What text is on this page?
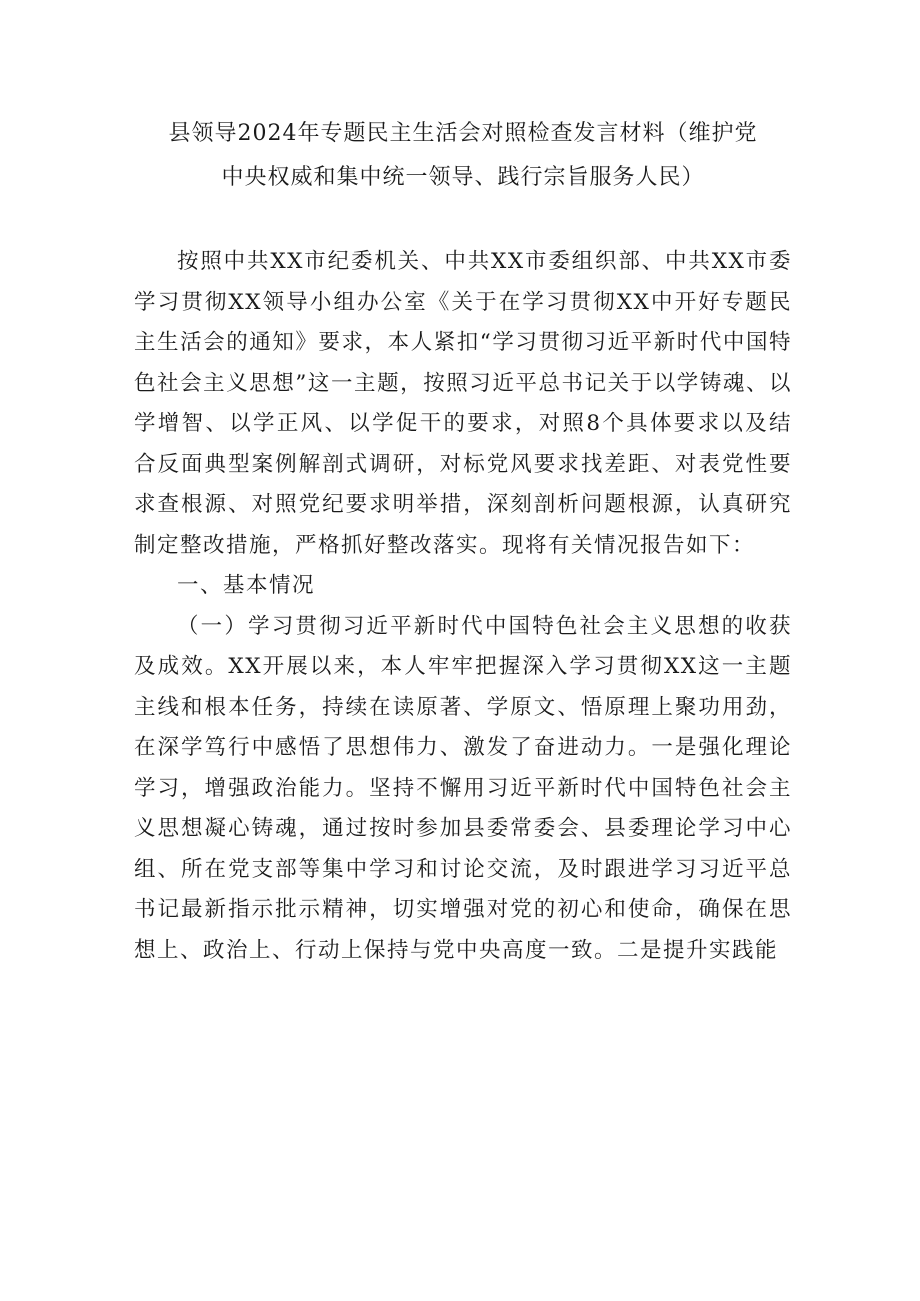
县领导2024年专题民主生活会对照检查发言材料（维护党
中央权威和集中统一领导、践行宗旨服务人民）

按照中共XX市纪委机关、中共XX市委组织部、中共XX市委学习贯彻XX领导小组办公室《关于在学习贯彻XX中开好专题民主生活会的通知》要求，本人紧扣“学习贯彻习近平新时代中国特色社会主义思想”这一主题，按照习近平总书记关于以学铸魂、以学增智、以学正风、以学促干的要求，对照8个具体要求以及结合反面典型案例解剖式调研，对标党风要求找差距、对表党性要求查根源、对照党纪要求明举措，深刻剖析问题根源，认真研究制定整改措施，严格抓好整改落实。现将有关情况报告如下：

一、基本情况

（一）学习贯彻习近平新时代中国特色社会主义思想的收获及成效。XX开展以来，本人牢牢把握深入学习贯彻XX这一主题主线和根本任务，持续在读原著、学原文、悟原理上聚功用劲，在深学笃行中感悟了思想伟力、激发了奋进动力。一是强化理论学习，增强政治能力。坚持不懈用习近平新时代中国特色社会主义思想凝心铸魂，通过按时参加县委常委会、县委理论学习中心组、所在党支部等集中学习和讨论交流，及时跟进学习习近平总书记最新指示批示精神，切实增强对党的初心和使命，确保在思想上、政治上、行动上保持与党中央高度一致。二是提升实践能
